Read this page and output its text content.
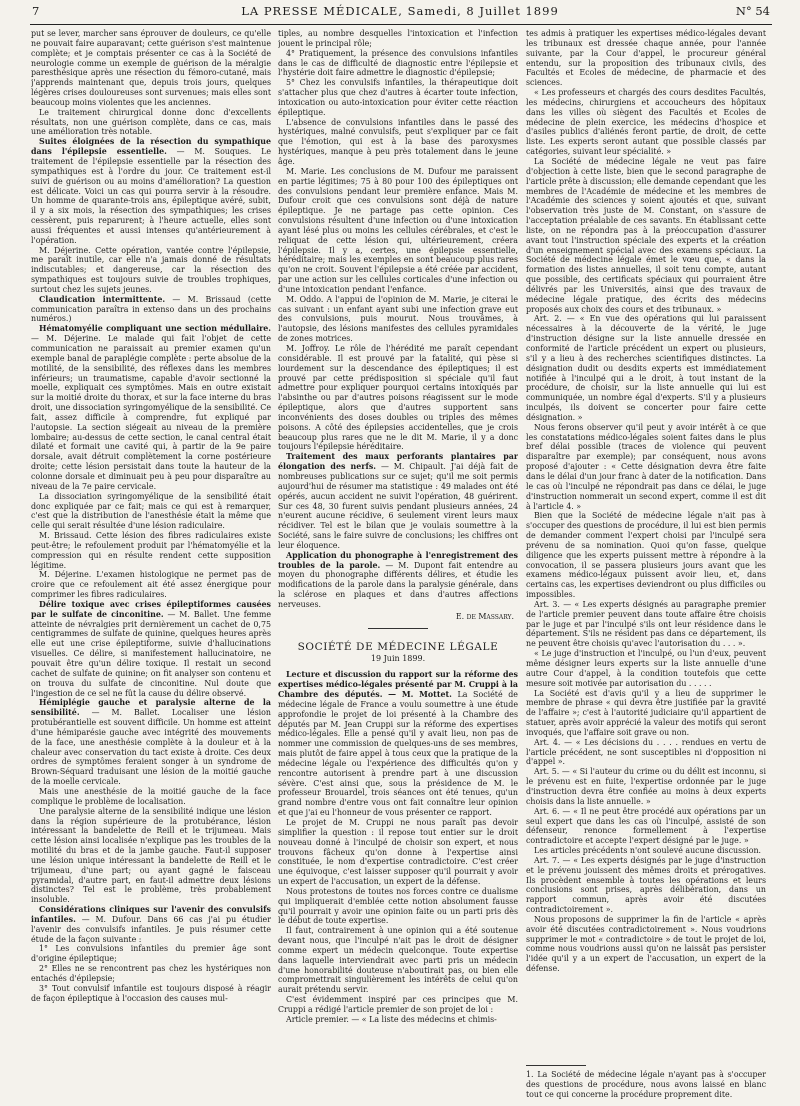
7	LA PRESSE MÉDICALE, Samedi, 8 Juillet 1899	N° 54

put se lever, marcher sans éprouver de douleurs, ce qu'elle ne pouvait faire auparavant; cette guérison s'est maintenue complète; et je comptais présenter ce cas à la Société de neurologie comme un exemple de guérison de la méralgie paresthésique après une résection du fémoro-cutané, mais j'apprends maintenant que, depuis trois jours, quelques légères crises douloureuses sont survenues; mais elles sont beaucoup moins violentes que les anciennes.

Le traitement chirurgical donne donc d'excellents résultats, non une guérison complète, dans ce cas, mais une amélioration très notable.

Suites éloignées de la résection du sympathique dans l'épilepsie essentielle. — M. Souques. Le traitement de l'épilepsie essentielle par la résection des sympathiques est à l'ordre du jour. Ce traitement est-il suivi de guérison ou au moins d'amélioration? La question est délicate. Voici un cas qui pourra servir à la résoudre. Un homme de quarante-trois ans, épileptique avéré, subit, il y a six mois, la résection des sympathiques; les crises cessèrent, puis reparurent; à l'heure actuelle, elles sont aussi fréquentes et aussi intenses qu'antérieurement à l'opération.

M. Déjerine. Cette opération, vantée contre l'épilepsie, me paraît inutile, car elle n'a jamais donné de résultats indiscutables; et dangereuse, car la résection des sympathiques est toujours suivie de troubles trophiques, surtout chez les sujets jeunes.

Claudication intermittente. — M. Brissaud (cette communication paraîtra in extenso dans un des prochains numéros.)

Hématomyélie compliquant une section médullaire. — M. Déjerine. Le malade qui fait l'objet de cette communication ne paraissait au premier examen qu'un exemple banal de paraplégie complète : perte absolue de la motilité, de la sensibilité, des réflexes dans les membres inférieurs; un traumatisme, capable d'avoir sectionné la moelle, expliquait ces symptômes. Mais en outre existait sur la moitié droite du thorax, et sur la face interne du bras droit, une dissociation syringomyélique de la sensibilité. Ce fait, assez difficile à comprendre, fut expliqué par l'autopsie. La section siégeait au niveau de la première lombaire; au-dessus de cette section, le canal central était dilaté et formait une cavité qui, à partir de la 9e paire dorsale, avait détruit complètement la corne postérieure droite; cette lésion persistait dans toute la hauteur de la colonne dorsale et diminuait peu à peu pour disparaître au niveau de la 7e paire cervicale.

La dissociation syringomyélique de la sensibilité était donc expliquée par ce fait; mais ce qui est à remarquer, c'est que la distribution de l'anesthésie était la même que celle qui serait résultée d'une lésion radiculaire.

M. Brissaud. Cette lésion des fibres radiculaires existe peut-être; le refoulement produit par l'hématomyélie et la compression qui en résulte rendent cette supposition légitime.

M. Déjerine. L'examen histologique ne permet pas de croire que ce refoulement ait été assez énergique pour comprimer les fibres radiculaires.

Délire toxique avec crises épileptiformes causées par le sulfate de cinconitine. — M. Ballet. Une femme atteinte de névralgies prit dernièrement un cachet de 0,75 centigrammes de sulfate de quinine, quelques heures après elle eut une crise épileptiforme, suivie d'hallucinations visuelles. Ce délire, si manifestement hallucinatoire, ne pouvait être qu'un délire toxique. Il restait un second cachet de sulfate de quinine; on fit analyser son contenu et on trouva du sulfate de cinconitine. Nul doute que l'ingestion de ce sel ne fût la cause du délire observé.

Hémiplégie gauche et paralysie alterne de la sensibilité. — M. Ballet. Localiser une lésion protubérantielle est souvent difficile. Un homme est atteint d'une hémiparésie gauche avec intégrité des mouvements de la face, une anesthésie complète à la douleur et à la chaleur avec conservation du tact existe à droite. Ces deux ordres de symptômes feraient songer à un syndrome de Brown-Séquard traduisant une lésion de la moitié gauche de la moelle cervicale.

Mais une anesthésie de la moitié gauche de la face complique le problème de localisation.

Une paralysie alterne de la sensibilité indique une lésion dans la région supérieure de la protubérance, lésion intéressant la bandelette de Reill et le trijumeau. Mais cette lésion ainsi localisée n'explique pas les troubles de la motilité du bras et de la jambe gauche. Faut-il supposer une lésion unique intéressant la bandelette de Reill et le trijumeau, d'une part; ou ayant gagné le faisceau pyramidal, d'autre part, en faut-il admettre deux lésions distinctes? Tel est le problème, très probablement insoluble.

Considérations cliniques sur l'avenir des convulsifs infantiles. — M. Dufour. Dans 66 cas j'ai pu étudier l'avenir des convulsifs infantiles. Je puis résumer cette étude de la façon suivante :

1° Les convulsions infantiles du premier âge sont d'origine épileptique;

2° Elles ne se rencontrent pas chez les hystériques non entachés d'épilepsie;

3° Tout convulsif infantile est toujours disposé à réagir de façon épileptique à l'occasion des causes mul-

tiples, au nombre desquelles l'intoxication et l'infection jouent le principal rôle;

4° Pratiquement, la présence des convulsions infantiles dans le cas de difficulté de diagnostic entre l'épilepsie et l'hystérie doit faire admettre le diagnostic d'épilepsie;

5° Chez les convulsifs infantiles, la thérapeutique doit s'attacher plus que chez d'autres à écarter toute infection, intoxication ou auto-intoxication pour éviter cette réaction épileptique.

L'absence de convulsions infantiles dans le passé des hystériques, malné convulsifs, peut s'expliquer par ce fait que l'émotion, qui est à la base des paroxysmes hystériques, manque à peu près totalement dans le jeune âge.

M. Marie. Les conclusions de M. Dufour me paraissent en partie légitimes; 75 à 80 pour 100 des épileptiques ont des convulsions pendant leur première enfance. Mais M. Dufour croit que ces convulsions sont déjà de nature épileptique. Je ne partage pas cette opinion. Ces convulsions résultent d'une infection ou d'une intoxication ayant lésé plus ou moins les cellules cérébrales, et c'est le reliquat de cette lésion qui, ultérieurement, créera l'épilepsie. Il y a, certes, une épilepsie essentielle, héréditaire; mais les exemples en sont beaucoup plus rares qu'on ne croit. Souvent l'épilepsie a été créée par accident, par une action sur les cellules corticales d'une infection ou d'une intoxication pendant l'enfance.

M. Oddo. A l'appui de l'opinion de M. Marie, je citerai le cas suivant : un enfant ayant subi une infection grave eut des convulsions, puis mourut. Nous trouvâmes, à l'autopsie, des lésions manifestes des cellules pyramidales de zones motrices.

M. Joffroy. Le rôle de l'hérédité me paraît cependant considérable. Il est prouvé par la fatalité, qui pèse si lourdement sur la descendance des épileptiques; il est prouvé par cette prédisposition si spéciale qu'il faut admettre pour expliquer pourquoi certains intoxiqués par l'absinthe ou par d'autres poisons réagissent sur le mode épileptique, alors que d'autres supportent sans inconvénients des doses doubles ou triples des mêmes poisons. A côté des épilepsies accidentelles, que je crois beaucoup plus rares que ne le dit M. Marie, il y a donc toujours l'épilepsie héréditaire.

Traitement des maux perforants plantaires par élongation des nerfs. — M. Chipault. J'ai déjà fait de nombreuses publications sur ce sujet; qu'il me soit permis aujourd'hui de résumer ma statistique : 49 malades ont été opérés, aucun accident ne suivit l'opération, 48 guérirent. Sur ces 48, 30 furent suivis pendant plusieurs années, 24 n'eurent aucune récidive, 6 seulement virent leurs maux récidiver. Tel est le bilan que je voulais soumettre à la Société, sans le faire suivre de conclusions; les chiffres ont leur éloquence.

Application du phonographe à l'enregistrement des troubles de la parole. — M. Dupont fait entendre au moyen du phonographe différents délires, et étudie les modifications de la parole dans la paralysie générale, dans la sclérose en plaques et dans d'autres affections nerveuses.

E. de Massary.
SOCIÉTÉ DE MÉDECINE LÉGALE
19 Juin 1899.

Lecture et discussion du rapport sur la réforme des expertises médico-légales présenté par M. Cruppi à la Chambre des députés. — M. Mottet. La Société de médecine légale de France a voulu soumettre à une étude approfondie le projet de loi présenté à la Chambre des députés par M. Jean Cruppi sur la réforme des expertises médico-légales. Elle a pensé qu'il y avait lieu, non pas de nommer une commission de quelques-uns de ses membres, mais plutôt de faire appel à tous ceux que la pratique de la médecine légale ou l'expérience des difficultés qu'on y rencontre autorisent à prendre part à une discussion sévère. C'est ainsi que, sous la présidence de M. le professeur Brouardel, trois séances ont été tenues, qu'un grand nombre d'entre vous ont fait connaître leur opinion et que j'ai eu l'honneur de vous présenter ce rapport.

Le projet de M. Cruppi ne nous paraît pas devoir simplifier la question : il repose tout entier sur le droit nouveau donné à l'inculpé de choisir son expert, et nous trouvons fâcheux qu'on donne à l'expertise ainsi constituée, le nom d'expertise contradictoire. C'est créer une équivoque, c'est laisser supposer qu'il pourrait y avoir un expert de l'accusation, un expert de la défense.

Nous protestons de toutes nos forces contre ce dualisme qui impliquerait d'emblée cette notion absolument fausse qu'il pourrait y avoir une opinion faite ou un parti pris dès le début de toute expertise.

Il faut, contrairement à une opinion qui a été soutenue devant nous, que l'inculpé n'ait pas le droit de désigner comme expert un médecin quelconque. Toute expertise dans laquelle interviendrait avec parti pris un médecin d'une honorabilité douteuse n'aboutirait pas, ou bien elle compromettrait singulièrement les intérêts de celui qu'on aurait prétendu servir.

C'est évidemment inspiré par ces principes que M. Cruppi a rédigé l'article premier de son projet de loi :

Article premier. — « La liste des médecins et chimis-

tes admis à pratiquer les expertises médico-légales devant les tribunaux est dressée chaque année, pour l'année suivante, par la Cour d'appel, le procureur général entendu, sur la proposition des tribunaux civils, des Facultés et Ecoles de médecine, de pharmacie et des sciences.

« Les professeurs et chargés des cours desdites Facultés, les médecins, chirurgiens et accoucheurs des hôpitaux dans les villes où siègent des Facultés et Ecoles de médecine de plein exercice, les médecins d'hospice et d'asiles publics d'aliénés feront partie, de droit, de cette liste. Les experts seront autant que possible classés par catégories, suivant leur spécialité. »

La Société de médecine légale ne veut pas faire d'objection à cette liste, bien que le second paragraphe de l'article prête à discussion; elle demande cependant que les membres de l'Académie de médecine et les membres de l'Académie des sciences y soient ajoutés et que, suivant l'observation très juste de M. Constant, on s'assure de l'acceptation préalable de ces savants. En établissant cette liste, on ne répondra pas à la préoccupation d'assurer avant tout l'instruction spéciale des experts et la création d'un enseignement spécial avec des examens spéciaux. La Société de médecine légale émet le vœu que, « dans la formation des listes annuelles, il soit tenu compte, autant que possible, des certificats spéciaux qui pourraient être délivrés par les Universités, ainsi que des travaux de médecine légale pratique, des écrits des médecins proposés aux choix des cours et des tribunaux. »

Art. 2. — « En vue des opérations qui lui paraissent nécessaires à la découverte de la vérité, le juge d'instruction désigne sur la liste annuelle dressée en conformité de l'article précédent un expert ou plusieurs, s'il y a lieu à des recherches scientifiques distinctes. La désignation dudit ou desdits experts est immédiatement notifiée à l'inculpé qui a le droit, à tout instant de la procédure, de choisir, sur la liste annuelle qui lui est communiquée, un nombre égal d'experts. S'il y a plusieurs inculpés, ils doivent se concerter pour faire cette désignation. »

Nous ferons observer qu'il peut y avoir intérêt à ce que les constatations médico-légales soient faites dans le plus bref délai possible (traces de violence qui peuvent disparaître par exemple); par conséquent, nous avons proposé d'ajouter : « Cette désignation devra être faite dans le délai d'un jour franc à dater de la notification. Dans le cas où l'inculpé ne répondrait pas dans ce délai, le juge d'instruction nommerait un second expert, comme il est dit à l'article 4. »

Bien que la Société de médecine légale n'ait pas à s'occuper des questions de procédure, il lui est bien permis de demander comment l'expert choisi par l'inculpé sera prévenu de sa nomination. Quoi qu'on fasse, quelque diligence que les experts puissent mettre à répondre à la convocation, il se passera plusieurs jours avant que les examens médico-légaux puissent avoir lieu, et, dans certains cas, les expertises deviendront ou plus difficiles ou impossibles.

Art. 3. — « Les experts désignés au paragraphe premier de l'article premier peuvent dans toute affaire être choisis par le juge et par l'inculpé s'ils ont leur résidence dans le département. S'ils ne résident pas dans ce département, ils ne peuvent être choisis qu'avec l'autorisation du . . . ».

« Le juge d'instruction et l'inculpé, ou l'un d'eux, peuvent même désigner leurs experts sur la liste annuelle d'une autre Cour d'appel, à la condition toutefois que cette mesure soit motivée par autorisation du . . . . .

La Société est d'avis qu'il y a lieu de supprimer le membre de phrase « qui devra être justifiée par la gravité de l'affaire »; c'est à l'autorité judiciaire qu'il appartient de statuer, après avoir apprécié la valeur des motifs qui seront invoqués, que l'affaire soit grave ou non.

Art. 4. — « Les décisions du . . . . rendues en vertu de l'article précédent, ne sont susceptibles ni d'opposition ni d'appel ».

Art. 5. — « Si l'auteur du crime ou du délit est inconnu, si le prévenu est en fuite, l'expertise ordonnée par le juge d'instruction devra être confiée au moins à deux experts choisis dans la liste annuelle. »

Art. 6. — « Il ne peut être procédé aux opérations par un seul expert que dans les cas où l'inculpé, assisté de son défenseur, renonce formellement à l'expertise contradictoire et accepte l'expert désigné par le juge. »

Les articles précédents n'ont soulevé aucune discussion.

Art. 7. — « Les experts désignés par le juge d'instruction et le prévenu jouissent des mêmes droits et prérogatives. Ils procèdent ensemble à toutes les opérations et leurs conclusions sont prises, après délibération, dans un rapport commun, après avoir été discutées contradictoirement ».

Nous proposons de supprimer la fin de l'article « après avoir été discutées contradictoirement ». Nous voudrions supprimer le mot « contradictoire » de tout le projet de loi, comme nous voudrions aussi qu'on ne laissât pas persister l'idée qu'il y a un expert de l'accusation, un expert de la défense.

1. La Société de médecine légale n'ayant pas à s'occuper des questions de procédure, nous avons laissé en blanc tout ce qui concerne la procédure proprement dite.
